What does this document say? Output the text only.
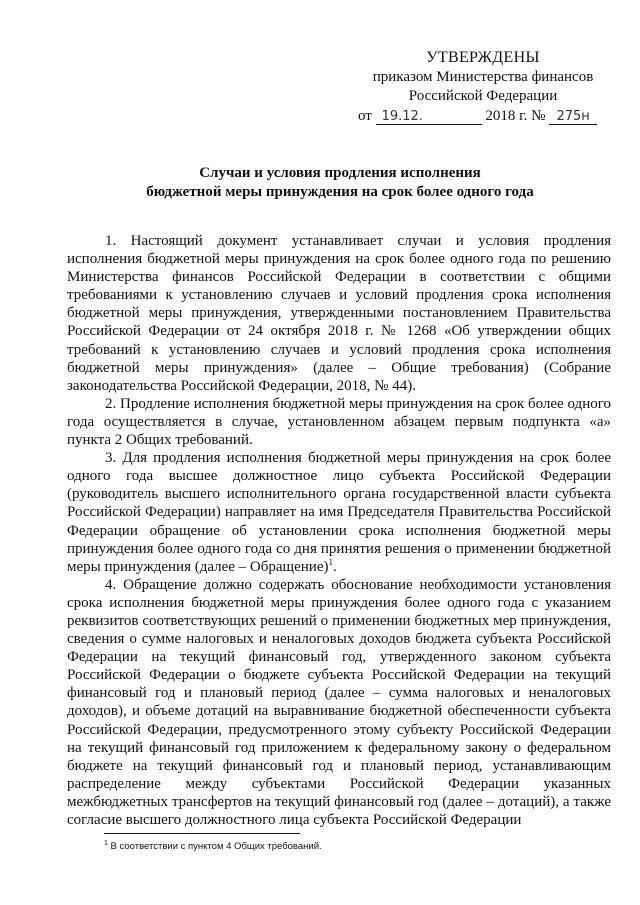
УТВЕРЖДЕНЫ
приказом Министерства финансов
Российской Федерации
от 19.12.	2018 г. № 275н
Случаи и условия продления исполнения
бюджетной меры принуждения на срок более одного года

1. Настоящий документ устанавливает случаи и условия продления исполнения бюджетной меры принуждения на срок более одного года по решению Министерства финансов Российской Федерации в соответствии с общими требованиями к установлению случаев и условий продления срока исполнения бюджетной меры принуждения, утвержденными постановлением Правительства Российской Федерации от 24 октября 2018 г. № 1268 «Об утверждении общих требований к установлению случаев и условий продления срока исполнения бюджетной меры принуждения» (далее – Общие требования) (Собрание законодательства Российской Федерации, 2018, № 44).

2. Продление исполнения бюджетной меры принуждения на срок более одного года осуществляется в случае, установленном абзацем первым подпункта «а» пункта 2 Общих требований.

3. Для продления исполнения бюджетной меры принуждения на срок более одного года высшее должностное лицо субъекта Российской Федерации (руководитель высшего исполнительного органа государственной власти субъекта Российской Федерации) направляет на имя Председателя Правительства Российской Федерации обращение об установлении срока исполнения бюджетной меры принуждения более одного года со дня принятия решения о применении бюджетной меры принуждения (далее – Обращение)$^1$.

4. Обращение должно содержать обоснование необходимости установления срока исполнения бюджетной меры принуждения более одного года с указанием реквизитов соответствующих решений о применении бюджетных мер принуждения, сведения о сумме налоговых и неналоговых доходов бюджета субъекта Российской Федерации на текущий финансовый год, утвержденного законом субъекта Российской Федерации о бюджете субъекта Российской Федерации на текущий финансовый год и плановый период (далее – сумма налоговых и неналоговых доходов), и объеме дотаций на выравнивание бюджетной обеспеченности субъекта Российской Федерации, предусмотренного этому субъекту Российской Федерации на текущий финансовый год приложением к федеральному закону о федеральном бюджете на текущий финансовый год и плановый период, устанавливающим распределение между субъектами Российской Федерации указанных межбюджетных трансфертов на текущий финансовый год (далее – дотаций), а также согласие высшего должностного лица субъекта Российской Федерации

$^1$ В соответствии с пунктом 4 Общих требований.
